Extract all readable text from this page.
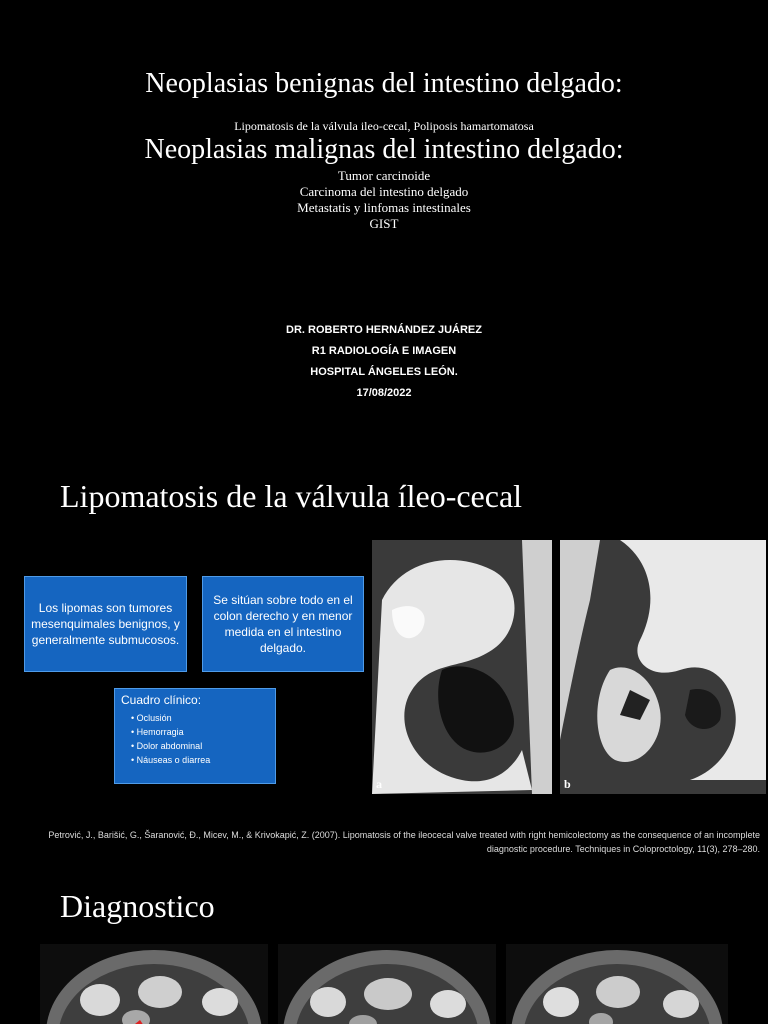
Neoplasias benignas del intestino delgado:
Lipomatosis de la válvula ileo-cecal, Poliposis hamartomatosa
Neoplasias malignas del intestino delgado:
Tumor carcinoide
Carcinoma del intestino delgado
Metastatis y linfomas intestinales
GIST
DR. ROBERTO HERNÁNDEZ JUÁREZ
R1 RADIOLOGÍA E IMAGEN
HOSPITAL ÁNGELES LEÓN.
17/08/2022
Lipomatosis de la válvula íleo-cecal
Los lipomas son tumores mesenquimales benignos, y generalmente submucosos.
Se sitúan sobre todo en el colon derecho y en menor medida en el intestino delgado.
Cuadro clínico:
• Oclusión
• Hemorragia
• Dolor abdominal
• Náuseas o diarrea
a	b
Petrović, J., Barišić, G., Šaranović, Đ., Micev, M., & Krivokapić, Z. (2007). Lipomatosis of the ileocecal valve treated with right hemicolectomy as the consequence of an incomplete diagnostic procedure. Techniques in Coloproctology, 11(3), 278–280.
Diagnostico
